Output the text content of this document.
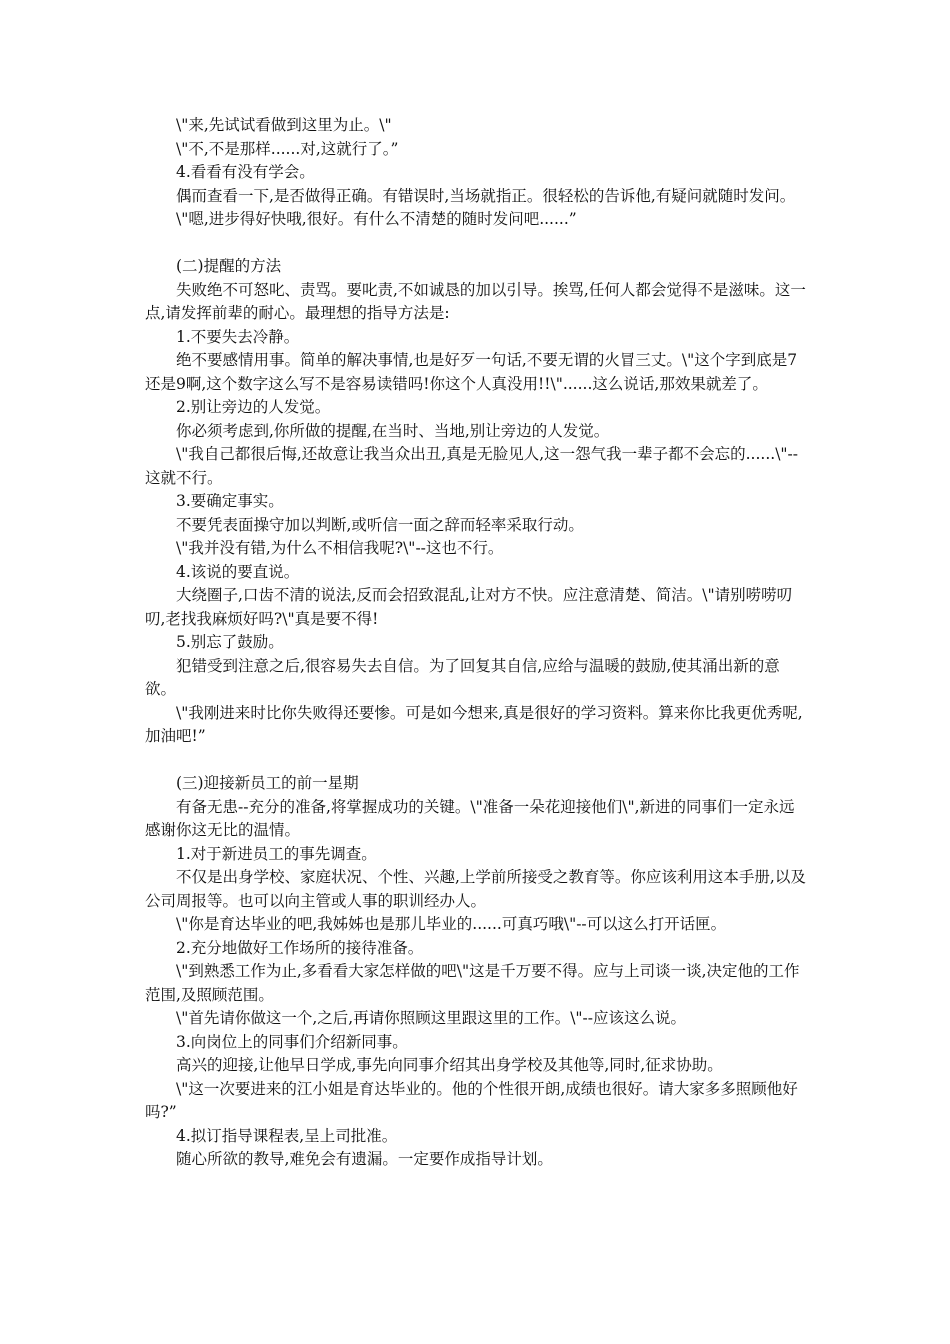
\"来,先试试看做到这里为止。\"

\"不,不是那样......对,这就行了。”

4.看看有没有学会。

偶而查看一下,是否做得正确。有错误时,当场就指正。很轻松的告诉他,有疑问就随时发问。

\"嗯,进步得好快哦,很好。有什么不清楚的随时发问吧......”

(二)提醒的方法

失败绝不可怒叱、责骂。要叱责,不如诚恳的加以引导。挨骂,任何人都会觉得不是滋味。这一点,请发挥前辈的耐心。最理想的指导方法是:

1.不要失去冷静。

绝不要感情用事。简单的解决事情,也是好歹一句话,不要无谓的火冒三丈。\"这个字到底是7还是9啊,这个数字这么写不是容易读错吗!你这个人真没用!!\"......这么说话,那效果就差了。

2.别让旁边的人发觉。

你必须考虑到,你所做的提醒,在当时、当地,别让旁边的人发觉。

\"我自己都很后悔,还故意让我当众出丑,真是无脸见人,这一怨气我一辈子都不会忘的......\"--这就不行。

3.要确定事实。

不要凭表面操守加以判断,或听信一面之辞而轻率采取行动。

\"我并没有错,为什么不相信我呢?\"--这也不行。

4.该说的要直说。

大绕圈子,口齿不清的说法,反而会招致混乱,让对方不快。应注意清楚、简洁。\"请别唠唠叨叨,老找我麻烦好吗?\"真是要不得!

5.别忘了鼓励。

犯错受到注意之后,很容易失去自信。为了回复其自信,应给与温暖的鼓励,使其涌出新的意欲。

\"我刚进来时比你失败得还要惨。可是如今想来,真是很好的学习资料。算来你比我更优秀呢,加油吧!”

(三)迎接新员工的前一星期

有备无患--充分的准备,将掌握成功的关键。\"准备一朵花迎接他们\",新进的同事们一定永远感谢你这无比的温情。

1.对于新进员工的事先调查。

不仅是出身学校、家庭状况、个性、兴趣,上学前所接受之教育等。你应该利用这本手册,以及公司周报等。也可以向主管或人事的职训经办人。

\"你是育达毕业的吧,我姊姊也是那儿毕业的......可真巧哦\"--可以这么打开话匣。

2.充分地做好工作场所的接待准备。

\"到熟悉工作为止,多看看大家怎样做的吧\"这是千万要不得。应与上司谈一谈,决定他的工作范围,及照顾范围。

\"首先请你做这一个,之后,再请你照顾这里跟这里的工作。\"--应该这么说。

3.向岗位上的同事们介绍新同事。

高兴的迎接,让他早日学成,事先向同事介绍其出身学校及其他等,同时,征求协助。

\"这一次要进来的江小姐是育达毕业的。他的个性很开朗,成绩也很好。请大家多多照顾他好吗?”

4.拟订指导课程表,呈上司批准。

随心所欲的教导,难免会有遗漏。一定要作成指导计划。
